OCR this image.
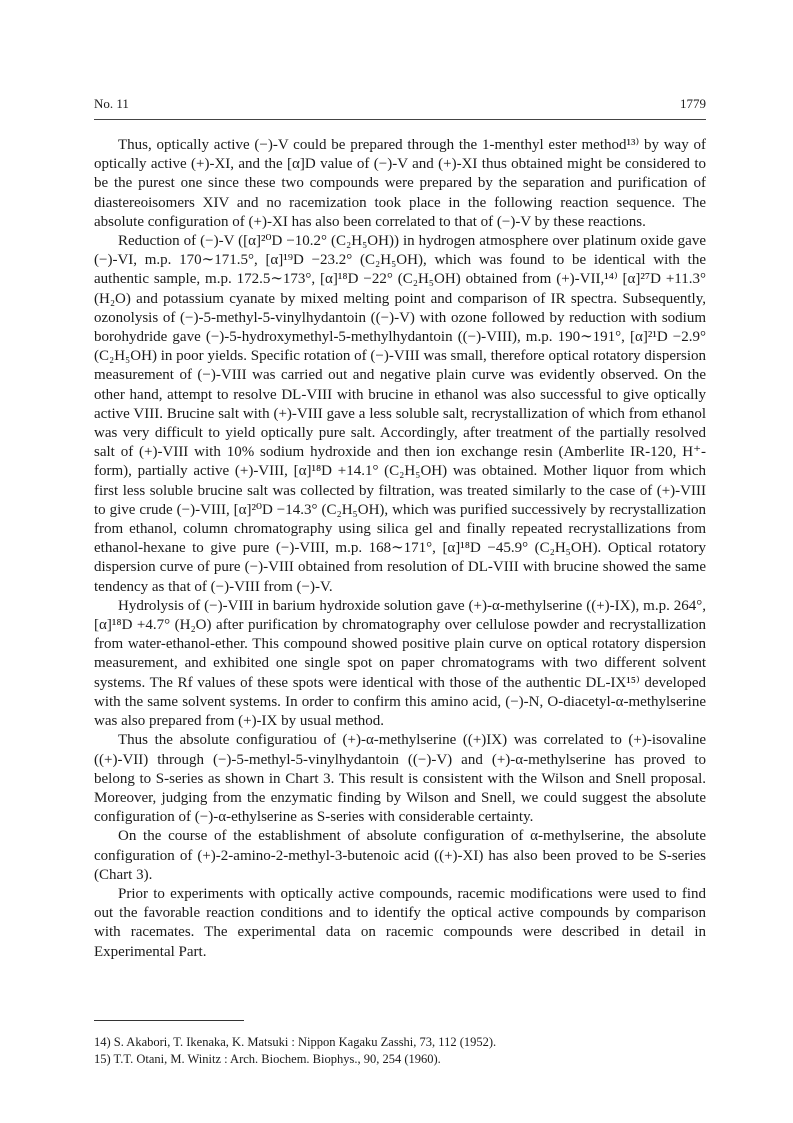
No. 11	1779

Thus, optically active (−)-V could be prepared through the 1-menthyl ester method¹³⁾ by way of optically active (+)-XI, and the [α]D value of (−)-V and (+)-XI thus obtained might be considered to be the purest one since these two compounds were prepared by the separation and purification of diastereoisomers XIV and no racemization took place in the following reaction sequence. The absolute configuration of (+)-XI has also been correlated to that of (−)-V by these reactions.

Reduction of (−)-V ([α]²⁰D −10.2° (C₂H₅OH)) in hydrogen atmosphere over platinum oxide gave (−)-VI, m.p. 170∼171.5°, [α]¹⁹D −23.2° (C₂H₅OH), which was found to be identical with the authentic sample, m.p. 172.5∼173°, [α]¹⁸D −22° (C₂H₅OH) obtained from (+)-VII,¹⁴⁾ [α]²⁷D +11.3° (H₂O) and potassium cyanate by mixed melting point and comparison of IR spectra. Subsequently, ozonolysis of (−)-5-methyl-5-vinylhydantoin ((−)-V) with ozone followed by reduction with sodium borohydride gave (−)-5-hydroxymethyl-5-methylhydantoin ((−)-VIII), m.p. 190∼191°, [α]²¹D −2.9° (C₂H₅OH) in poor yields. Specific rotation of (−)-VIII was small, therefore optical rotatory dispersion measurement of (−)-VIII was carried out and negative plain curve was evidently observed. On the other hand, attempt to resolve DL-VIII with brucine in ethanol was also successful to give optically active VIII. Brucine salt with (+)-VIII gave a less soluble salt, recrystallization of which from ethanol was very difficult to yield optically pure salt. Accordingly, after treatment of the partially resolved salt of (+)-VIII with 10% sodium hydroxide and then ion exchange resin (Amberlite IR-120, H⁺-form), partially active (+)-VIII, [α]¹⁸D +14.1° (C₂H₅OH) was obtained. Mother liquor from which first less soluble brucine salt was collected by filtration, was treated similarly to the case of (+)-VIII to give crude (−)-VIII, [α]²⁰D −14.3° (C₂H₅OH), which was purified successively by recrystallization from ethanol, column chromatography using silica gel and finally repeated recrystallizations from ethanol-hexane to give pure (−)-VIII, m.p. 168∼171°, [α]¹⁸D −45.9° (C₂H₅OH). Optical rotatory dispersion curve of pure (−)-VIII obtained from resolution of DL-VIII with brucine showed the same tendency as that of (−)-VIII from (−)-V.

Hydrolysis of (−)-VIII in barium hydroxide solution gave (+)-α-methylserine ((+)-IX), m.p. 264°, [α]¹⁸D +4.7° (H₂O) after purification by chromatography over cellulose powder and recrystallization from water-ethanol-ether. This compound showed positive plain curve on optical rotatory dispersion measurement, and exhibited one single spot on paper chromatograms with two different solvent systems. The Rf values of these spots were identical with those of the authentic DL-IX¹⁵⁾ developed with the same solvent systems. In order to confirm this amino acid, (−)-N, O-diacetyl-α-methylserine was also prepared from (+)-IX by usual method.

Thus the absolute configuratiou of (+)-α-methylserine ((+)IX) was correlated to (+)-isovaline ((+)-VII) through (−)-5-methyl-5-vinylhydantoin ((−)-V) and (+)-α-methylserine has proved to belong to S-series as shown in Chart 3. This result is consistent with the Wilson and Snell proposal. Moreover, judging from the enzymatic finding by Wilson and Snell, we could suggest the absolute configuration of (−)-α-ethylserine as S-series with considerable certainty.

On the course of the establishment of absolute configuration of α-methylserine, the absolute configuration of (+)-2-amino-2-methyl-3-butenoic acid ((+)-XI) has also been proved to be S-series (Chart 3).

Prior to experiments with optically active compounds, racemic modifications were used to find out the favorable reaction conditions and to identify the optical active compounds by comparison with racemates. The experimental data on racemic compounds were described in detail in Experimental Part.

14) S. Akabori, T. Ikenaka, K. Matsuki : Nippon Kagaku Zasshi, 73, 112 (1952).

15) T.T. Otani, M. Winitz : Arch. Biochem. Biophys., 90, 254 (1960).
